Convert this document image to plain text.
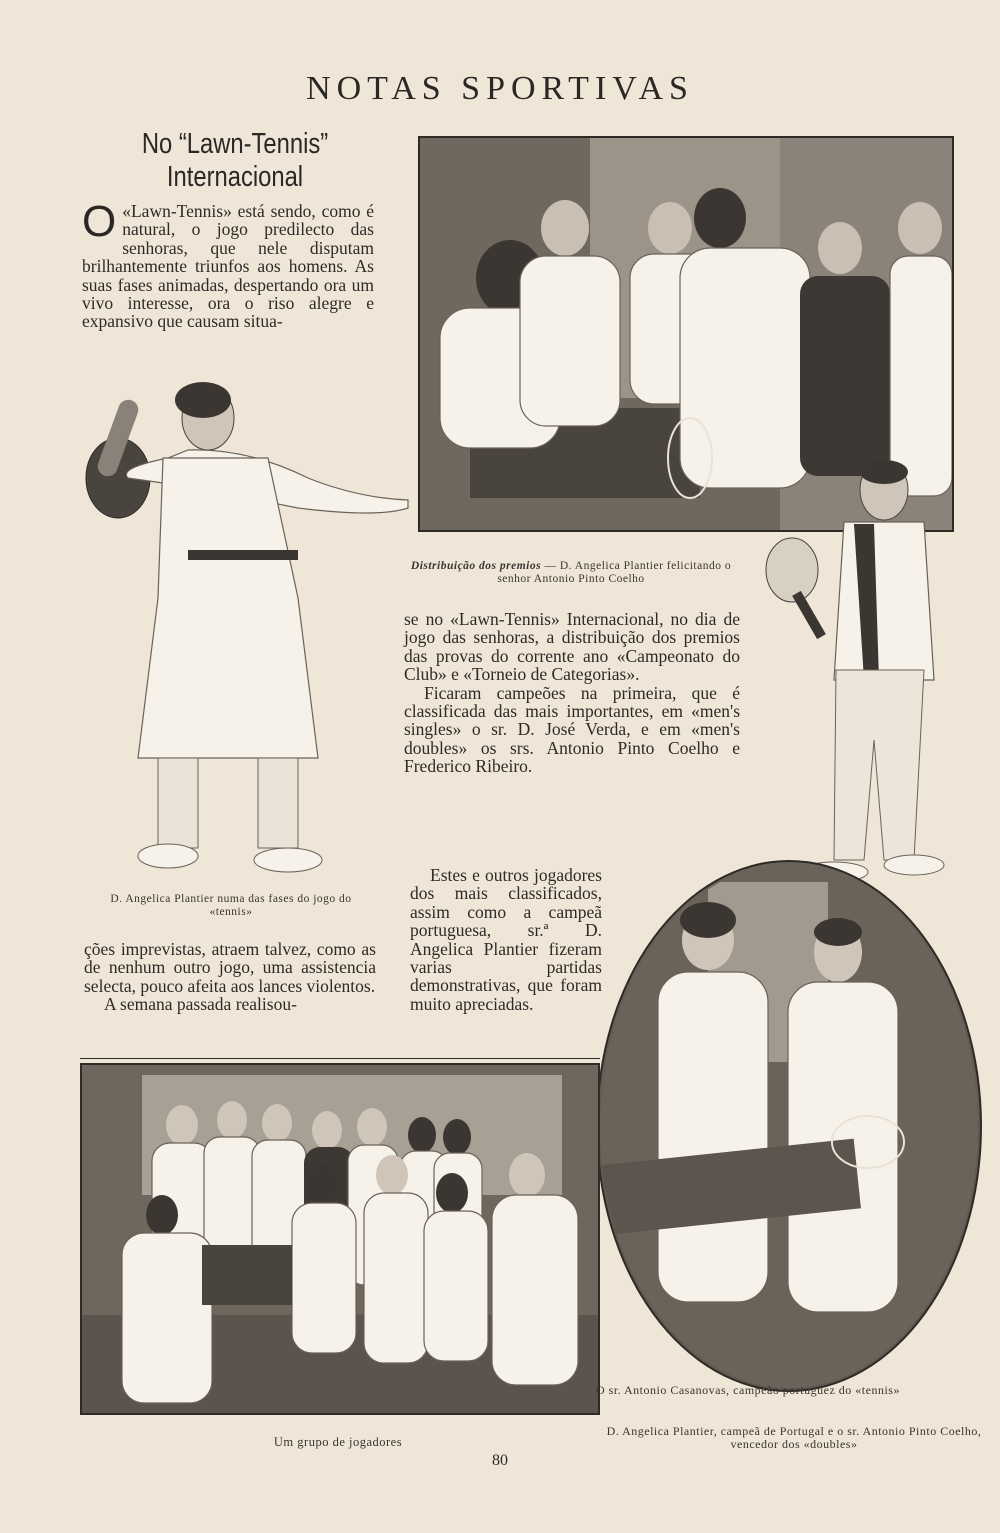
NOTAS SPORTIVAS
No “Lawn-Tennis”
Internacional
O «Lawn-Tennis» está sendo, como é natural, o jogo predilecto das senhoras, que nele disputam brilhantemente triunfos aos homens. As suas fases animadas, despertando ora um vivo interesse, ora o riso alegre e expansivo que causam situa-

Distribuição dos premios — D. Angelica Plantier felicitando o senhor Antonio Pinto Coelho

se no «Lawn-Tennis» Internacional, no dia de jogo das senhoras, a distribuição dos premios das provas do corrente ano «Campeonato do Club» e «Torneio de Categorias».

Ficaram campeões na primeira, que é classificada das mais importantes, em «men's singles» o sr. D. José Verda, e em «men's doubles» os srs. Antonio Pinto Coelho e Frederico Ribeiro.

Estes e outros jogadores dos mais classificados, assim como a campeã portuguesa, sr.ª D. Angelica Plantier fizeram varias partidas demonstrativas, que foram muito apreciadas.

D. Angelica Plantier numa das fases do jogo do «tennis»

ções imprevistas, atraem talvez, como as de nenhum outro jogo, uma assistencia selecta, pouco afeita aos lances violentos.

A semana passada realisou-

Um grupo de jogadores
O sr. Antonio Casanovas, campeão portuguez do «tennis»
D. Angelica Plantier, campeã de Portugal e o sr. Antonio Pinto Coelho, vencedor dos «doubles»
80
